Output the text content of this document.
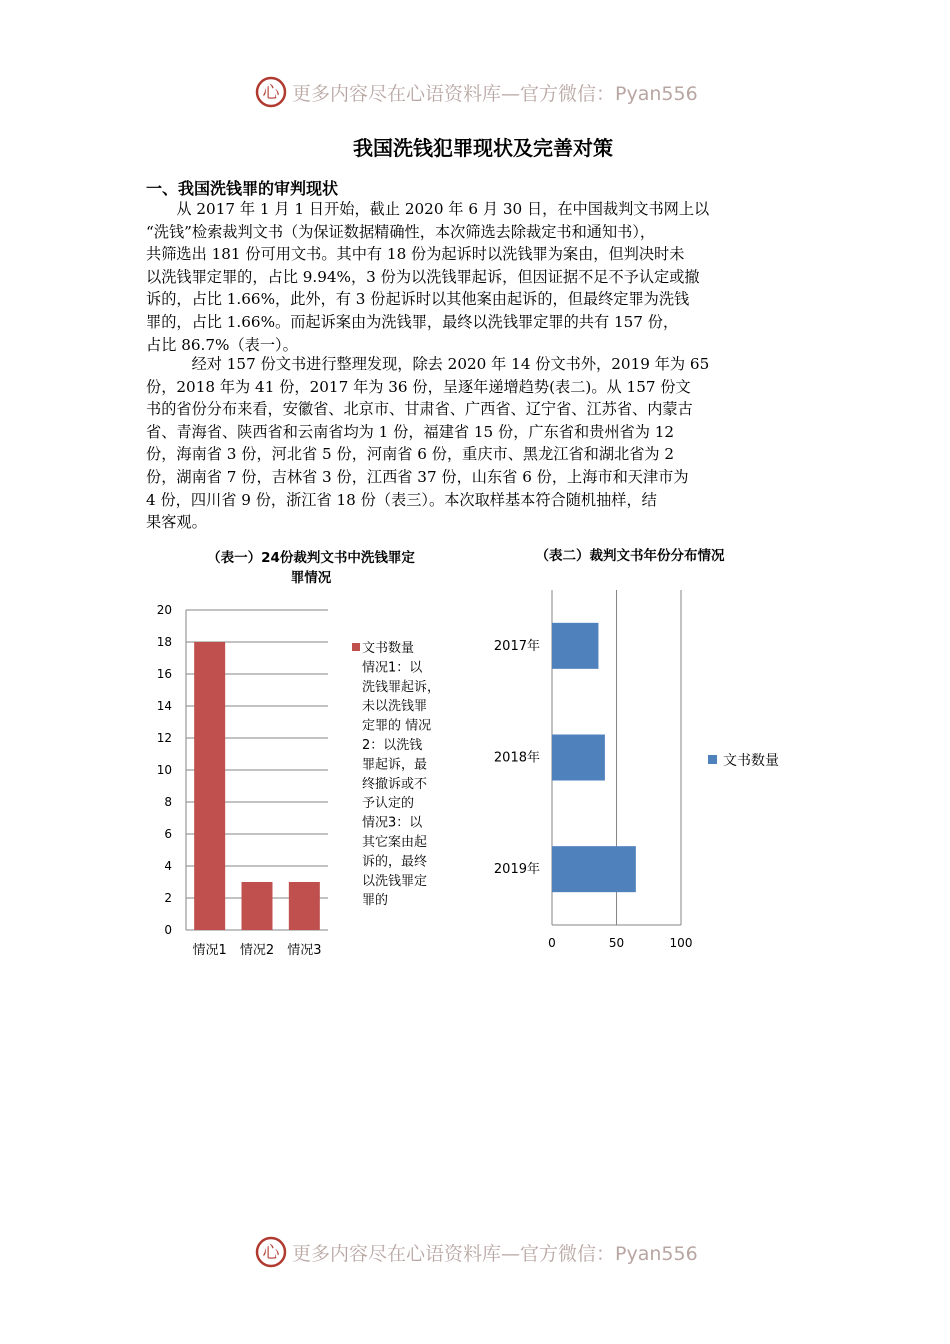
心 更多内容尽在心语资料库—官方微信：Pyan556
我国洗钱犯罪现状及完善对策
一、我国洗钱罪的审判现状
　　从 2017 年 1 月 1 日开始，截止 2020 年 6 月 30 日，在中国裁判文书网上以
“洗钱”检索裁判文书（为保证数据精确性，本次筛选去除裁定书和通知书），
共筛选出 181 份可用文书。其中有 18 份为起诉时以洗钱罪为案由，但判决时未
以洗钱罪定罪的，占比 9.94%，3 份为以洗钱罪起诉，但因证据不足不予认定或撤
诉的，占比 1.66%，此外，有 3 份起诉时以其他案由起诉的，但最终定罪为洗钱
罪的，占比 1.66%。而起诉案由为洗钱罪，最终以洗钱罪定罪的共有 157 份，
占比 86.7%（表一）。
　　　经对 157 份文书进行整理发现，除去 2020 年 14 份文书外，2019 年为 65
份，2018 年为 41 份，2017 年为 36 份，呈逐年递增趋势(表二)。从 157 份文
书的省份分布来看，安徽省、北京市、甘肃省、广西省、辽宁省、江苏省、内蒙古
省、青海省、陕西省和云南省均为 1 份，福建省 15 份，广东省和贵州省为 12
份，海南省 3 份，河北省 5 份，河南省 6 份，重庆市、黑龙江省和湖北省为 2
份，湖南省 7 份，吉林省 3 份，江西省 37 份，山东省 6 份，上海市和天津市为
4 份，四川省 9 份，浙江省 18 份（表三）。本次取样基本符合随机抽样，结
果客观。
（表一）24份裁判文书中洗钱罪定
罪情况
0
2
4
6
8
10
12
14
16
18
20
情况1 情况2 情况3
文书数量
情况1：以
洗钱罪起诉，
未以洗钱罪
定罪的 情况
2：以洗钱
罪起诉，最
终撤诉或不
予认定的
情况3：以
其它案由起
诉的，最终
以洗钱罪定
罪的
（表二）裁判文书年份分布情况
0	50	100
2017年
2018年
2019年
文书数量
心 更多内容尽在心语资料库—官方微信：Pyan556
